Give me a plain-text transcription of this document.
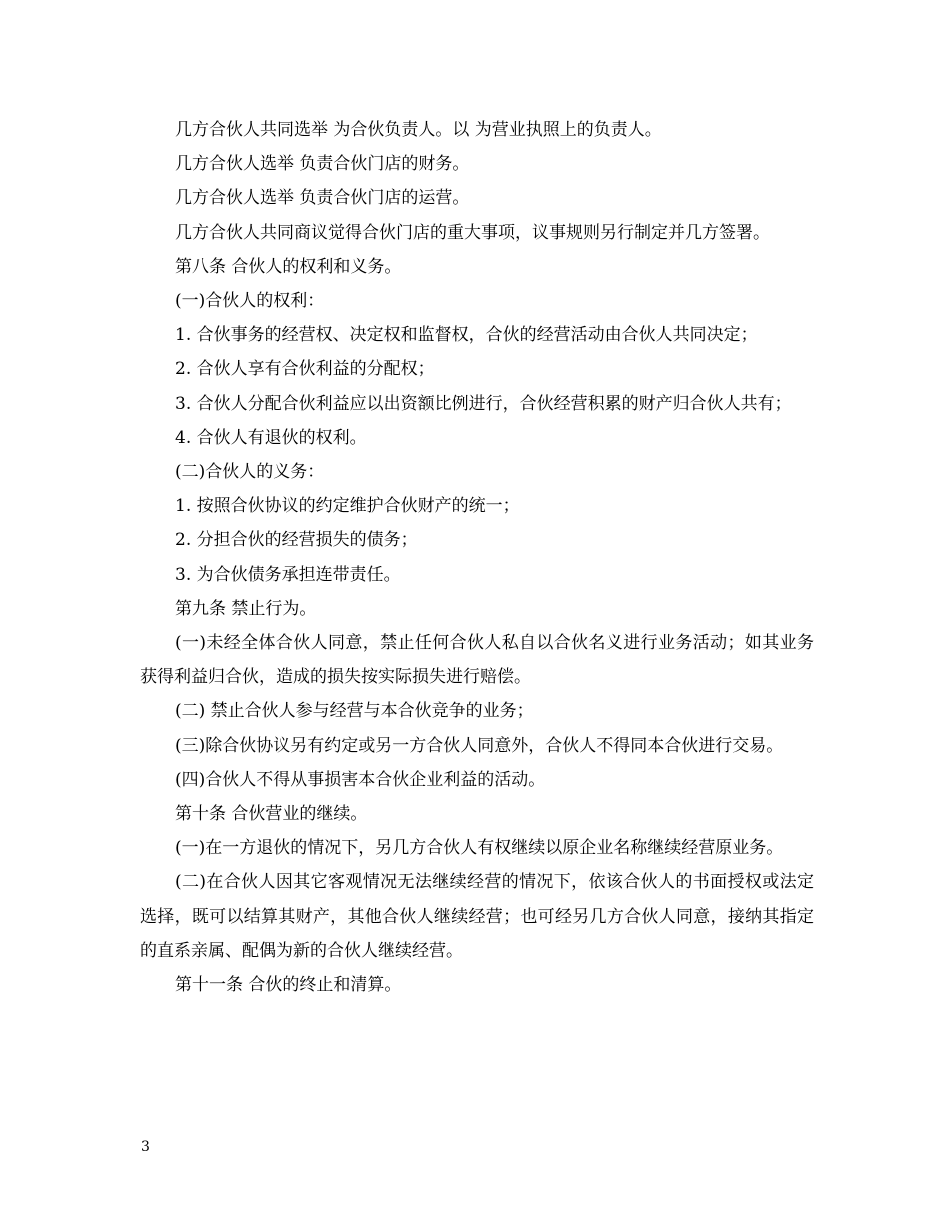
几方合伙人共同选举 为合伙负责人。以 为营业执照上的负责人。

几方合伙人选举 负责合伙门店的财务。

几方合伙人选举 负责合伙门店的运营。

几方合伙人共同商议觉得合伙门店的重大事项，议事规则另行制定并几方签署。

第八条 合伙人的权利和义务。

(一)合伙人的权利：

1. 合伙事务的经营权、决定权和监督权，合伙的经营活动由合伙人共同决定；

2. 合伙人享有合伙利益的分配权；

3. 合伙人分配合伙利益应以出资额比例进行，合伙经营积累的财产归合伙人共有；

4. 合伙人有退伙的权利。

(二)合伙人的义务：

1. 按照合伙协议的约定维护合伙财产的统一；

2. 分担合伙的经营损失的债务；

3. 为合伙债务承担连带责任。

第九条 禁止行为。

(一)未经全体合伙人同意，禁止任何合伙人私自以合伙名义进行业务活动；如其业务获得利益归合伙，造成的损失按实际损失进行赔偿。

(二) 禁止合伙人参与经营与本合伙竞争的业务；

(三)除合伙协议另有约定或另一方合伙人同意外，合伙人不得同本合伙进行交易。

(四)合伙人不得从事损害本合伙企业利益的活动。

第十条 合伙营业的继续。

(一)在一方退伙的情况下，另几方合伙人有权继续以原企业名称继续经营原业务。

(二)在合伙人因其它客观情况无法继续经营的情况下，依该合伙人的书面授权或法定选择，既可以结算其财产，其他合伙人继续经营；也可经另几方合伙人同意，接纳其指定的直系亲属、配偶为新的合伙人继续经营。

第十一条 合伙的终止和清算。

3
